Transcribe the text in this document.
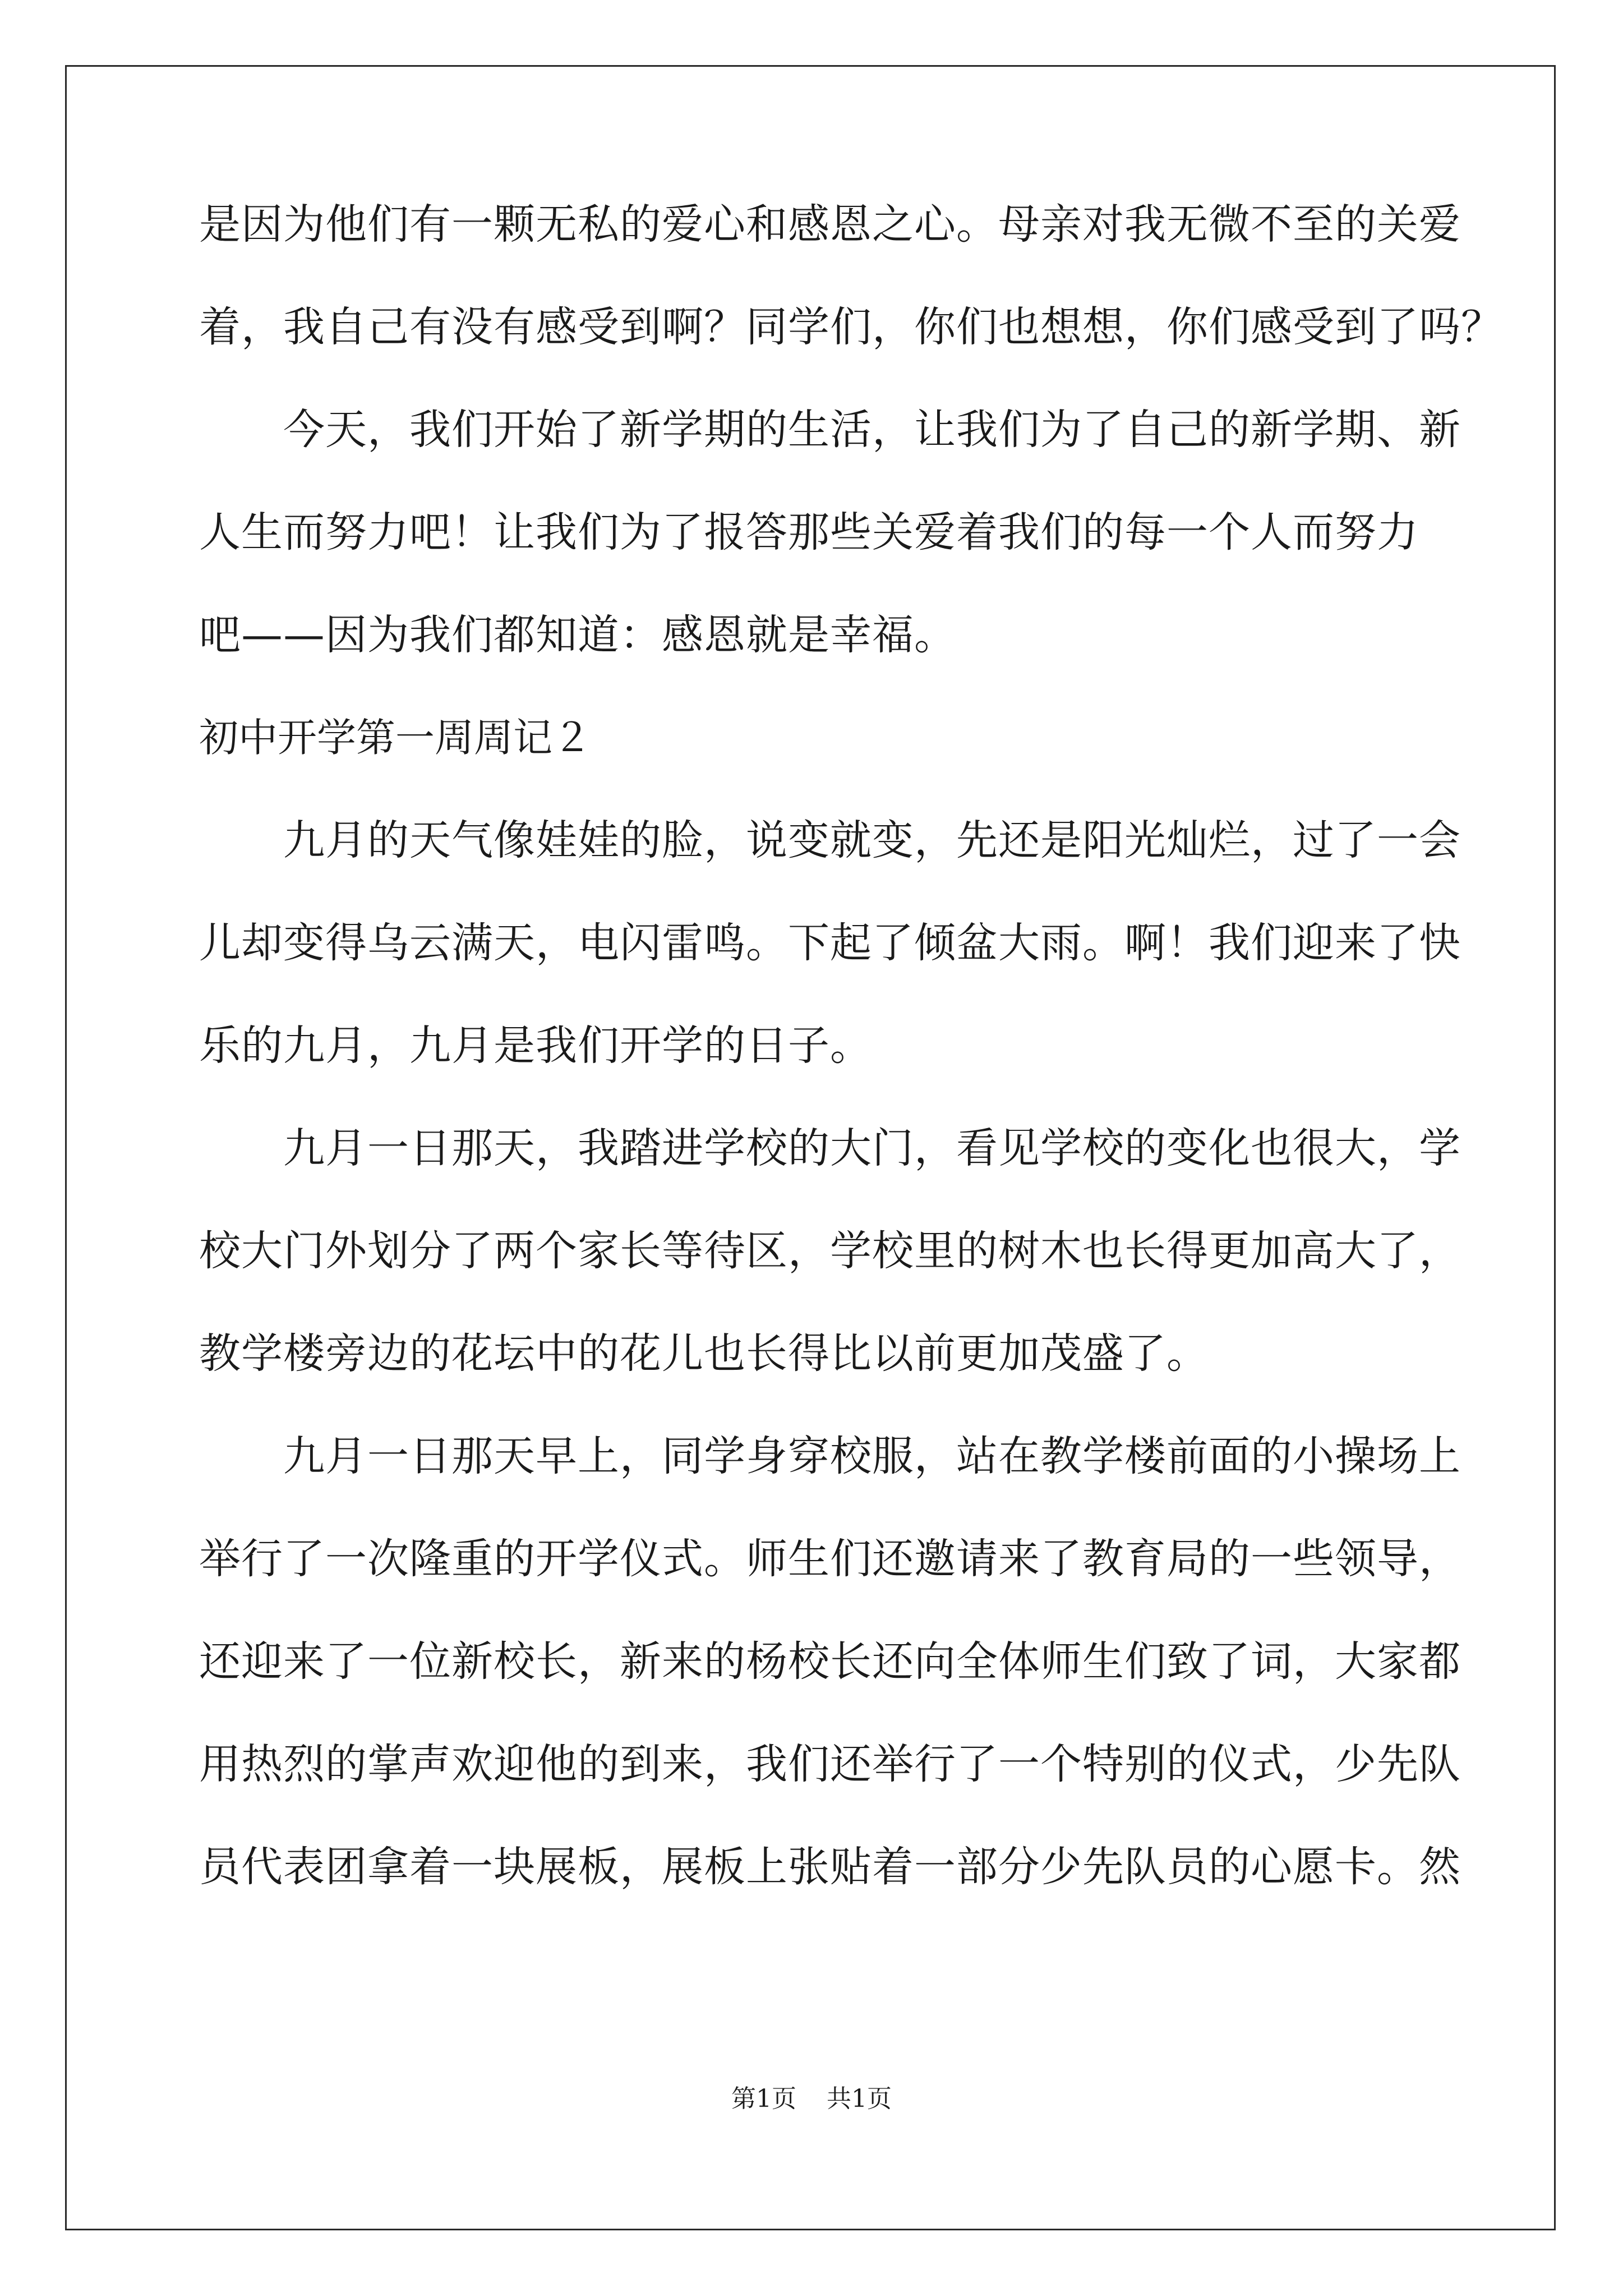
是因为他们有一颗无私的爱心和感恩之心。母亲对我无微不至的关爱
着，我自己有没有感受到啊？同学们，你们也想想，你们感受到了吗？
今天，我们开始了新学期的生活，让我们为了自己的新学期、新
人生而努力吧！让我们为了报答那些关爱着我们的每一个人而努力
吧——因为我们都知道：感恩就是幸福。
初中开学第一周周记２
九月的天气像娃娃的脸，说变就变，先还是阳光灿烂，过了一会
儿却变得乌云满天，电闪雷鸣。下起了倾盆大雨。啊！我们迎来了快
乐的九月，九月是我们开学的日子。
九月一日那天，我踏进学校的大门，看见学校的变化也很大，学
校大门外划分了两个家长等待区，学校里的树木也长得更加高大了，
教学楼旁边的花坛中的花儿也长得比以前更加茂盛了。
九月一日那天早上，同学身穿校服，站在教学楼前面的小操场上
举行了一次隆重的开学仪式。师生们还邀请来了教育局的一些领导，
还迎来了一位新校长，新来的杨校长还向全体师生们致了词，大家都
用热烈的掌声欢迎他的到来，我们还举行了一个特别的仪式，少先队
员代表团拿着一块展板，展板上张贴着一部分少先队员的心愿卡。然
第1页 共1页
